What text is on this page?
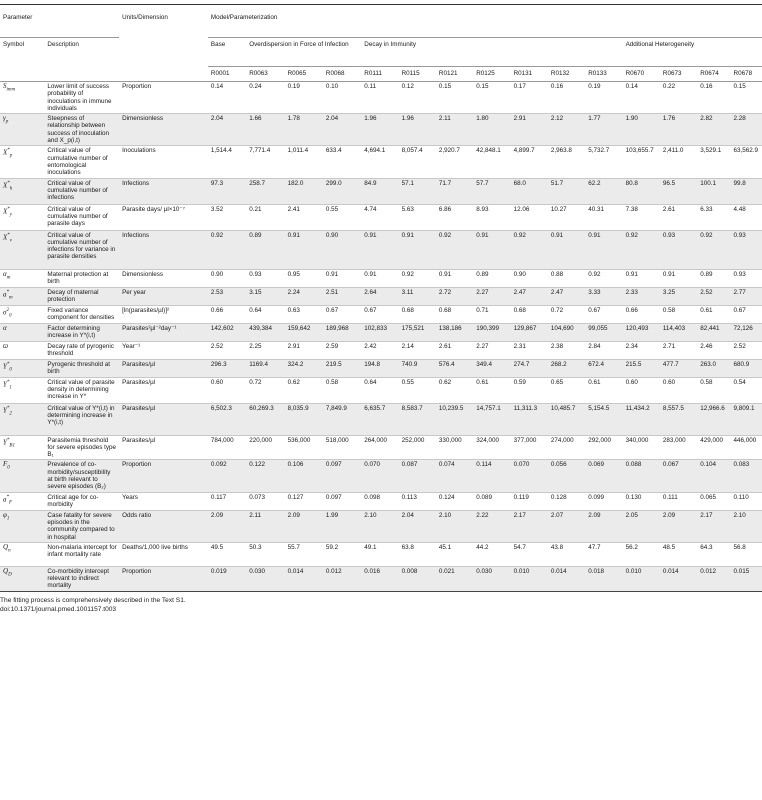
Parameter		Units/Dimension	Model/Parameterization														
Symbol	Description		Base	Overdispersion in Force of Infection			Decay in Immunity							Additional Heterogeneity			
			R0001	R0063	R0065	R0068	R0111	R0115	R0121	R0125	R0131	R0132	R0133	R0670	R0673	R0674	R0678
$S_{imm}$	Lower limit of success probability of inoculations in immune individuals	Proportion	0.14	0.24	0.19	0.10	0.11	0.12	0.15	0.15	0.17	0.16	0.19	0.14	0.22	0.16	0.15
$\gamma_p$	Steepness of relationship between success of inoculation and X_p(i,t)	Dimensionless	2.04	1.66	1.78	2.04	1.96	1.96	2.11	1.80	2.91	2.12	1.77	1.90	1.76	2.82	2.28
$X^*_p$	Critical value of cumulative number of entomological inoculations	Inoculations	1,514.4	7,771.4	1,011.4	633.4	4,694.1	8,057.4	2,920.7	42,848.1	4,899.7	2,963.8	5,732.7	103,655.7	2,411.0	3,529.1	63,562.9
$X^*_h$	Critical value of cumulative number of infections	Infections	97.3	258.7	182.0	299.0	84.9	57.1	71.7	57.7	68.0	51.7	62.2	80.8	96.5	100.1	99.8
$X^*_y$	Critical value of cumulative number of parasite days	Parasite days/ µl×10⁻⁷	3.52	0.21	2.41	0.55	4.74	5.63	6.86	8.93	12.06	10.27	40.31	7.38	2.61	6.33	4.48
$X^*_\nu$	Critical value of cumulative number of infections for variance in parasite densities	Infections	0.92	0.89	0.91	0.90	0.91	0.91	0.92	0.91	0.92	0.91	0.91	0.92	0.93	0.92	0.93
$\alpha_m$	Maternal protection at birth	Dimensionless	0.90	0.93	0.95	0.91	0.91	0.92	0.91	0.89	0.90	0.88	0.92	0.91	0.91	0.89	0.93
$a^*_m$	Decay of maternal protection	Per year	2.53	3.15	2.24	2.51	2.64	3.11	2.72	2.27	2.47	2.47	3.33	2.33	3.25	2.52	2.77
$\sigma^2_0$	Fixed variance component for densities	[ln(parasites/µl)]²	0.66	0.64	0.63	0.67	0.67	0.68	0.68	0.71	0.68	0.72	0.67	0.66	0.58	0.61	0.67
α	Factor determining increase in Y*(i,t)	Parasites²µl⁻²day⁻¹	142,602	439,384	159,642	189,968	102,833	175,521	138,186	190,399	129,867	104,690	99,055	120,493	114,403	82,441	72,126
ϖ	Decay rate of pyrogenic threshold	Year⁻¹	2.52	2.25	2.91	2.59	2.42	2.14	2.61	2.27	2.31	2.38	2.84	2.34	2.71	2.46	2.52
$Y^*_0$	Pyrogenic threshold at birth	Parasites/µl	296.3	1169.4	324.2	219.5	194.8	740.9	576.4	349.4	274.7	268.2	672.4	215.5	477.7	263.0	680.9
$Y^*_1$	Critical value of parasite density in determining increase in Y*	Parasites/µl	0.60	0.72	0.62	0.58	0.64	0.55	0.62	0.61	0.59	0.65	0.61	0.60	0.60	0.58	0.54
$Y^*_2$	Critical value of Y*(i,t) in determining increase in Y*(i,t)	Parasites/µl	6,502.3	60,269.3	8,035.9	7,849.9	6,635.7	8,583.7	10,239.5	14,757.1	11,311.3	10,485.7	5,154.5	11,434.2	8,557.5	12,966.6	9,809.1
$Y^*_{B1}$	Parasitemia threshold for severe episodes type B₁	Parasites/µl	784,000	220,000	536,000	518,000	264,000	252,000	330,000	324,000	377,000	274,000	292,000	340,000	283,000	429,000	446,000
$F_0$	Prevalence of co-morbidity/susceptibility at birth relevant to severe episodes (B₂)	Proportion	0.092	0.122	0.106	0.097	0.070	0.087	0.074	0.114	0.070	0.056	0.069	0.088	0.067	0.104	0.083
$a^*_F$	Critical age for co-morbidity	Years	0.117	0.073	0.127	0.097	0.098	0.113	0.124	0.089	0.119	0.128	0.099	0.130	0.111	0.065	0.110
$\varphi_1$	Case fatality for severe episodes in the community compared to in hospital	Odds ratio	2.09	2.11	2.09	1.99	2.10	2.04	2.10	2.22	2.17	2.07	2.09	2.05	2.09	2.17	2.10
$Q_n$	Non-malaria intercept for infant mortality rate	Deaths/1,000 live births	49.5	50.3	55.7	59.2	49.1	63.8	45.1	44.2	54.7	43.8	47.7	56.2	48.5	64.3	56.8
$Q_D$	Co-morbidity intercept relevant to indirect mortality	Proportion	0.019	0.030	0.014	0.012	0.016	0.008	0.021	0.030	0.010	0.014	0.018	0.010	0.014	0.012	0.015
The fitting process is comprehensively described in the Text S1.
doi:10.1371/journal.pmed.1001157.t003
